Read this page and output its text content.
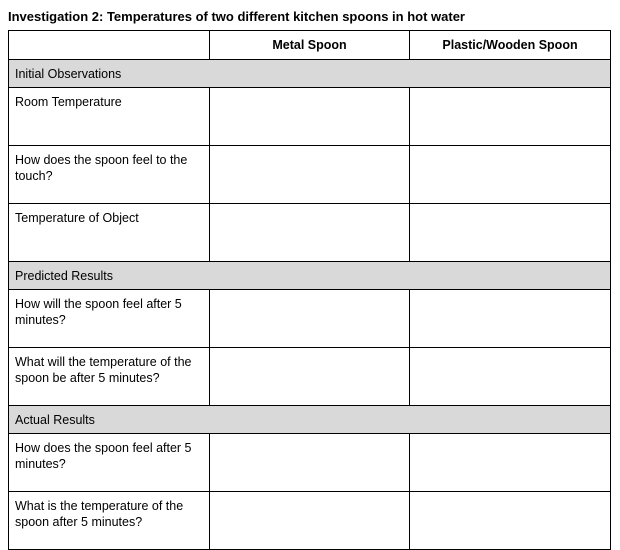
Investigation 2: Temperatures of two different kitchen spoons in hot water
	Metal Spoon	Plastic/Wooden Spoon
Initial Observations		
Room Temperature		
How does the spoon feel to the touch?		
Temperature of Object		
Predicted Results		
How will the spoon feel after 5 minutes?		
What will the temperature of the spoon be after 5 minutes?		
Actual Results		
How does the spoon feel after 5 minutes?		
What is the temperature of the spoon after 5 minutes?		
